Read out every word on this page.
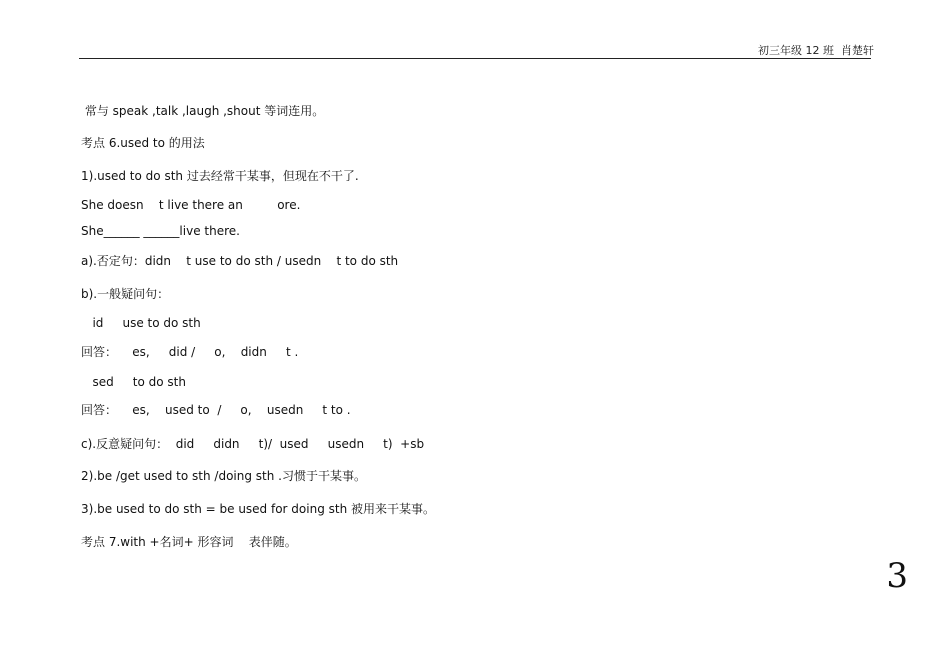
初三年级 12 班  肖楚轩
常与 speak ,talk ,laugh ,shout 等词连用。
考点 6.used to 的用法
1).used to do sth 过去经常干某事，但现在不干了.
She doesn    t live there an         ore.
She______ ______live there.
a).否定句：didn    t use to do sth / usedn    t to do sth
b).一般疑问句：
id     use to do sth
回答：    es,     did /     o,    didn     t .
sed     to do sth
回答：    es,    used to  /     o,    usedn     t to .
c).反意疑问句：  did     didn     t)/  used     usedn     t)  +sb
2).be /get used to sth /doing sth .习惯于干某事。
3).be used to do sth = be used for doing sth 被用来干某事。
考点 7.with +名词+ 形容词    表伴随。
3
